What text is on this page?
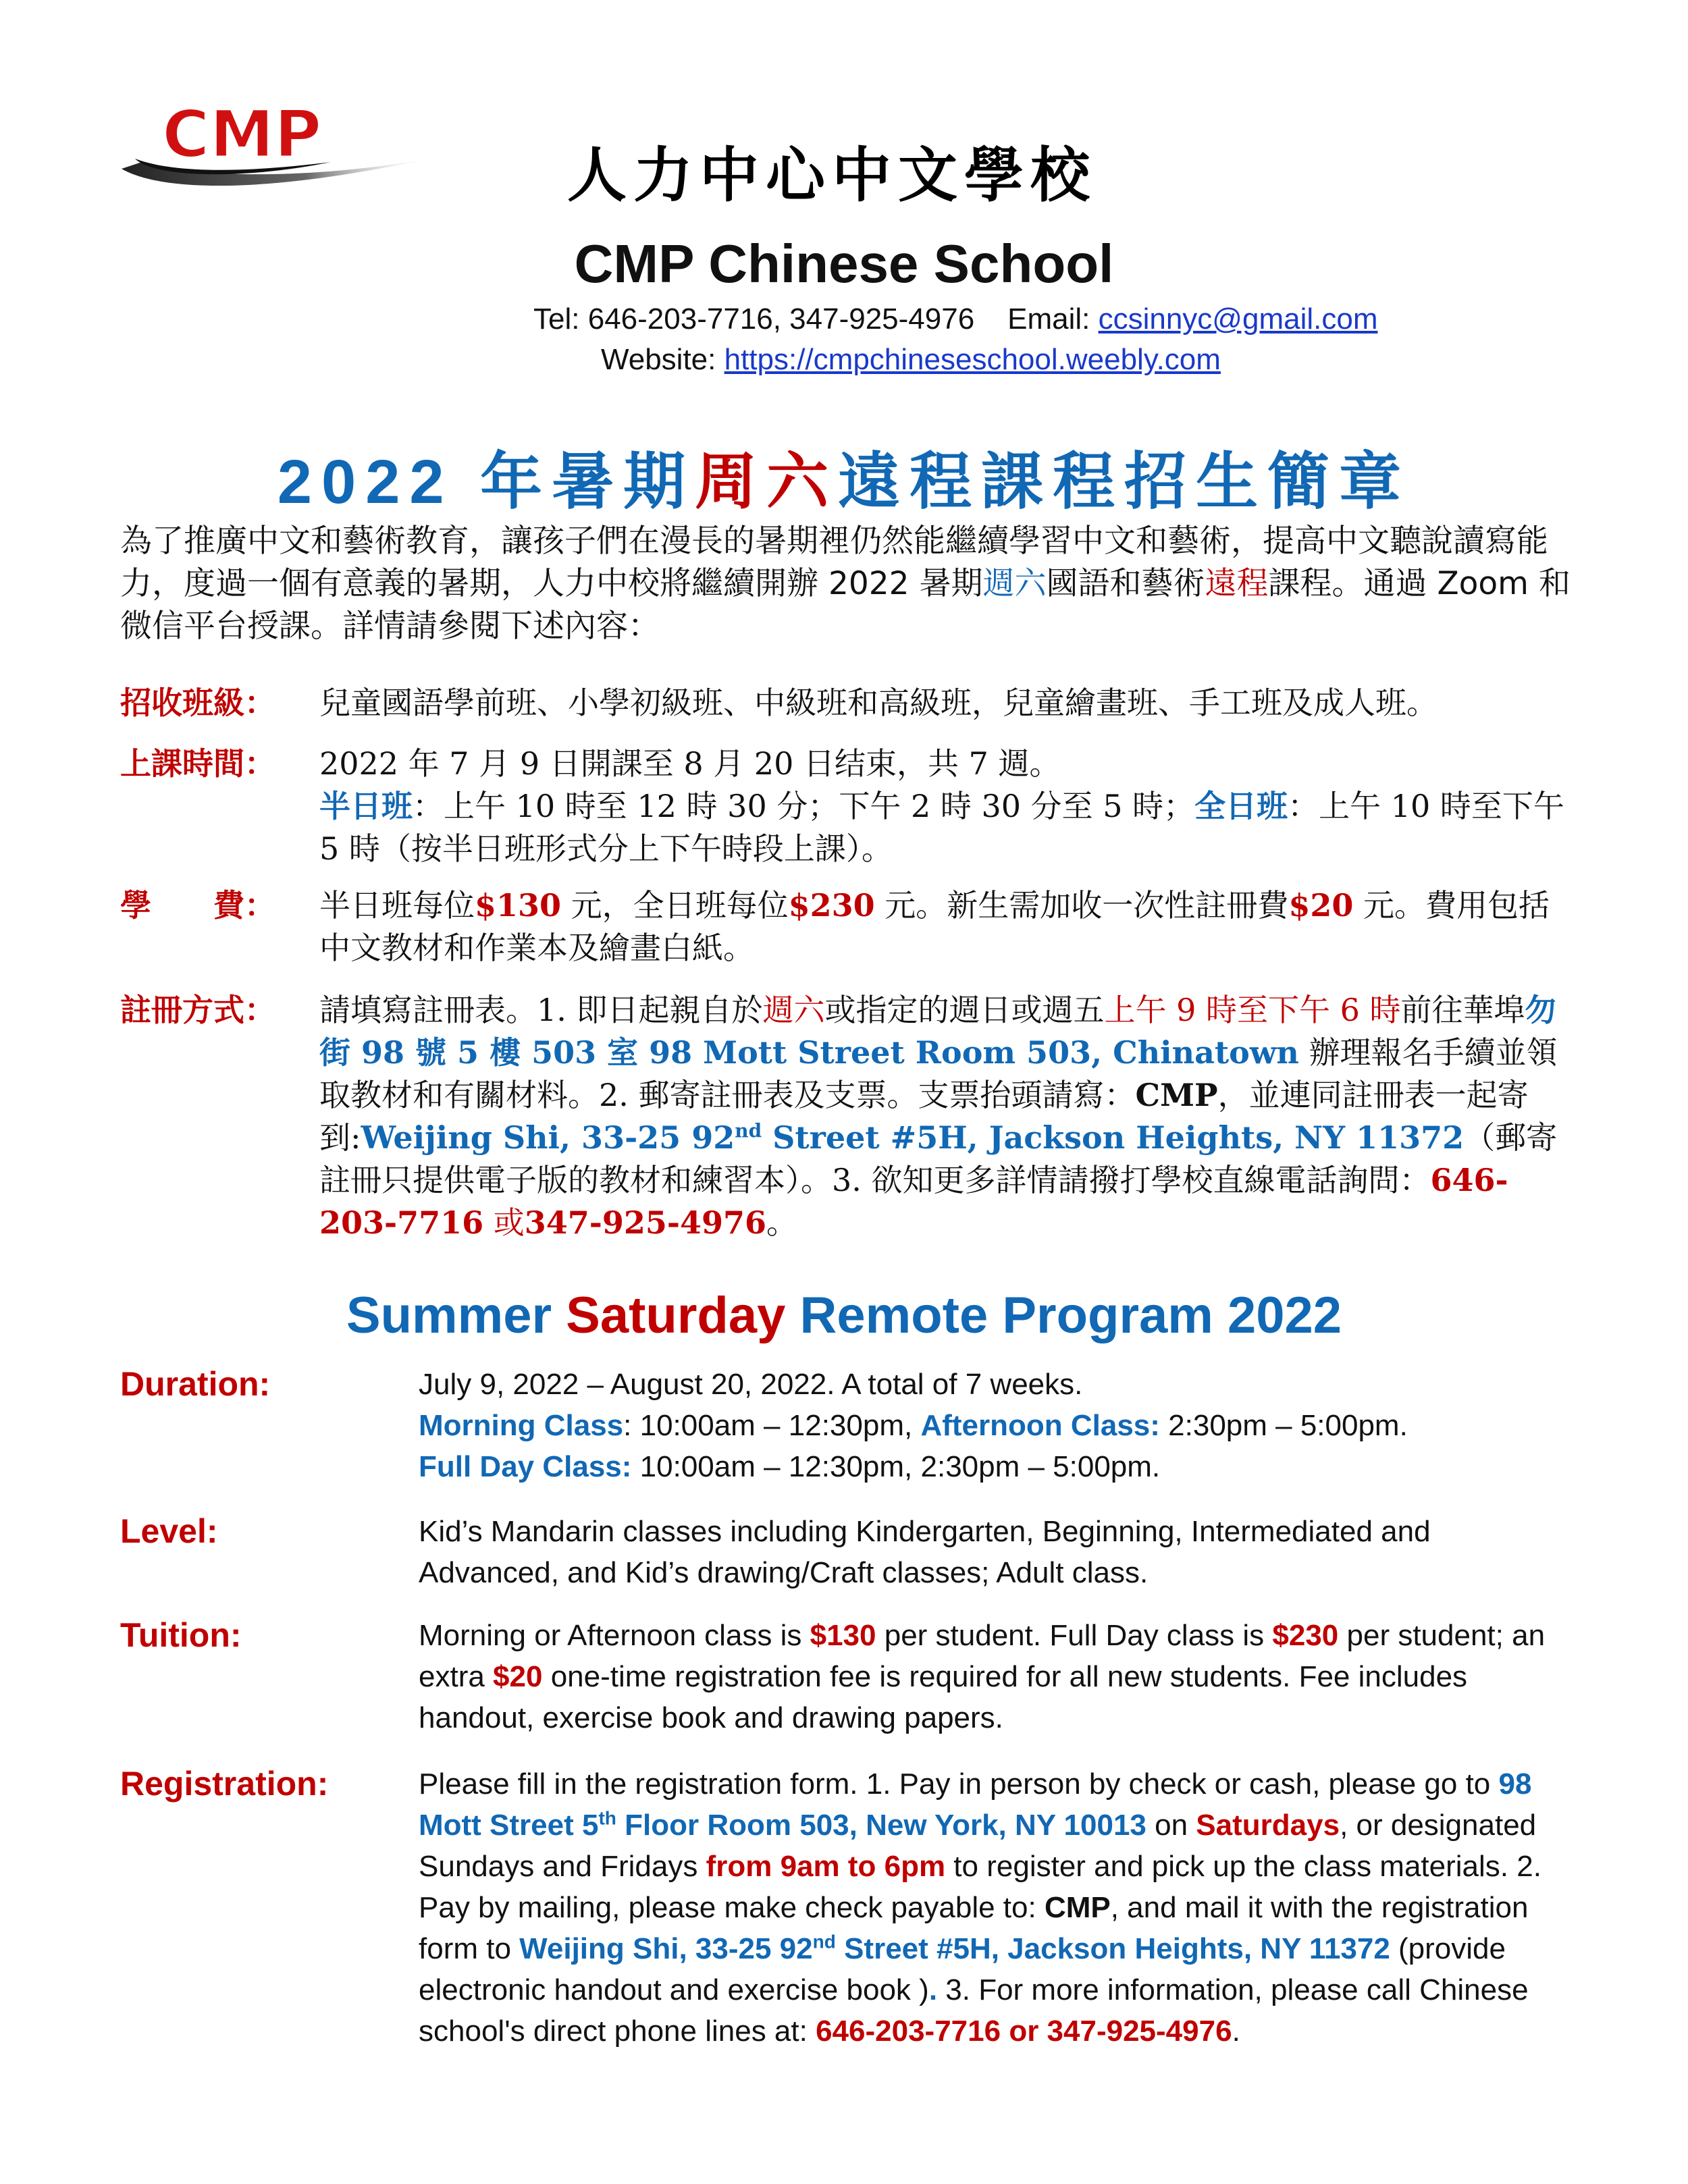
CMP
人力中心中文學校
CMP Chinese School
Tel: 646-203-7716, 347-925-4976 Email: ccsinnyc@gmail.com
Website: https://cmpchineseschool.weebly.com
2022 年暑期周六遠程課程招生簡章
為了推廣中文和藝術教育，讓孩子們在漫長的暑期裡仍然能繼續學習中文和藝術，提高中文聽說讀寫能力，度過一個有意義的暑期，人力中校將繼續開辦 2022 暑期週六國語和藝術遠程課程。通過 Zoom 和微信平台授課。詳情請參閱下述內容：
招收班級：	兒童國語學前班、小學初級班、中級班和高級班，兒童繪畫班、手工班及成人班。
上課時間：	2022 年 7 月 9 日開課至 8 月 20 日结束，共 7 週。
半日班：上午 10 時至 12 時 30 分；下午 2 時 30 分至 5 時；全日班：上午 10 時至下午 5 時（按半日班形式分上下午時段上課）。
學　　費：	半日班每位$130 元，全日班每位$230 元。新生需加收一次性註冊費$20 元。費用包括中文教材和作業本及繪畫白紙。
註冊方式：	請填寫註冊表。1. 即日起親自於週六或指定的週日或週五上午 9 時至下午 6 時前往華埠勿街 98 號 5 樓 503 室 98 Mott Street Room 503, Chinatown 辦理報名手續並領取教材和有關材料。2. 郵寄註冊表及支票。支票抬頭請寫：CMP，並連同註冊表一起寄到:Weijing Shi, 33-25 92nd Street #5H, Jackson Heights, NY 11372（郵寄註冊只提供電子版的教材和練習本）。3. 欲知更多詳情請撥打學校直線電話詢問：646-203-7716 或347-925-4976。
Summer Saturday Remote Program 2022
Duration:	July 9, 2022 – August 20, 2022. A total of 7 weeks.
Morning Class: 10:00am – 12:30pm, Afternoon Class: 2:30pm – 5:00pm.
Full Day Class: 10:00am – 12:30pm, 2:30pm – 5:00pm.
Level:	Kid’s Mandarin classes including Kindergarten, Beginning, Intermediated and Advanced, and Kid’s drawing/Craft classes; Adult class.
Tuition:	Morning or Afternoon class is $130 per student. Full Day class is $230 per student; an extra $20 one-time registration fee is required for all new students. Fee includes handout, exercise book and drawing papers.
Registration:	Please fill in the registration form. 1. Pay in person by check or cash, please go to 98 Mott Street 5th Floor Room 503, New York, NY 10013 on Saturdays, or designated Sundays and Fridays from 9am to 6pm to register and pick up the class materials. 2. Pay by mailing, please make check payable to: CMP, and mail it with the registration form to Weijing Shi, 33-25 92nd Street #5H, Jackson Heights, NY 11372 (provide electronic handout and exercise book ). 3. For more information, please call Chinese school's direct phone lines at: 646-203-7716 or 347-925-4976.
